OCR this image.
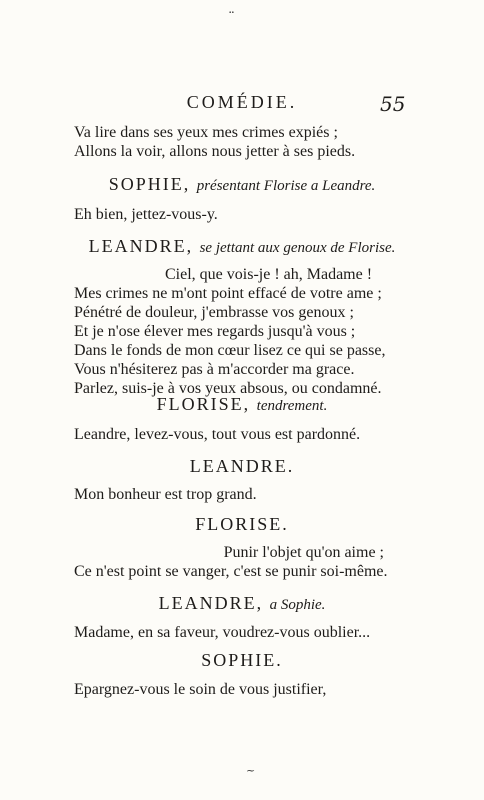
¨
COMÉDIE.	55
Va lire dans ses yeux mes crimes expiés ;
Allons la voir, allons nous jetter à ses pieds.
SOPHIE, présentant Florise a Leandre.
Eh bien, jettez-vous-y.
LEANDRE, se jettant aux genoux de Florise.
Ciel, que vois-je ! ah, Madame !
Mes crimes ne m'ont point effacé de votre ame ;
Pénétré de douleur, j'embrasse vos genoux ;
Et je n'ose élever mes regards jusqu'à vous ;
Dans le fonds de mon cœur lisez ce qui se passe,
Vous n'hésiterez pas à m'accorder ma grace.
Parlez, suis-je à vos yeux absous, ou condamné.
FLORISE, tendrement.
Leandre, levez-vous, tout vous est pardonné.
LEANDRE.
Mon bonheur est trop grand.
FLORISE.
Punir l'objet qu'on aime ;
Ce n'est point se vanger, c'est se punir soi-même.
LEANDRE, a Sophie.
Madame, en sa faveur, voudrez-vous oublier...
SOPHIE.
Epargnez-vous le soin de vous justifier,
~
